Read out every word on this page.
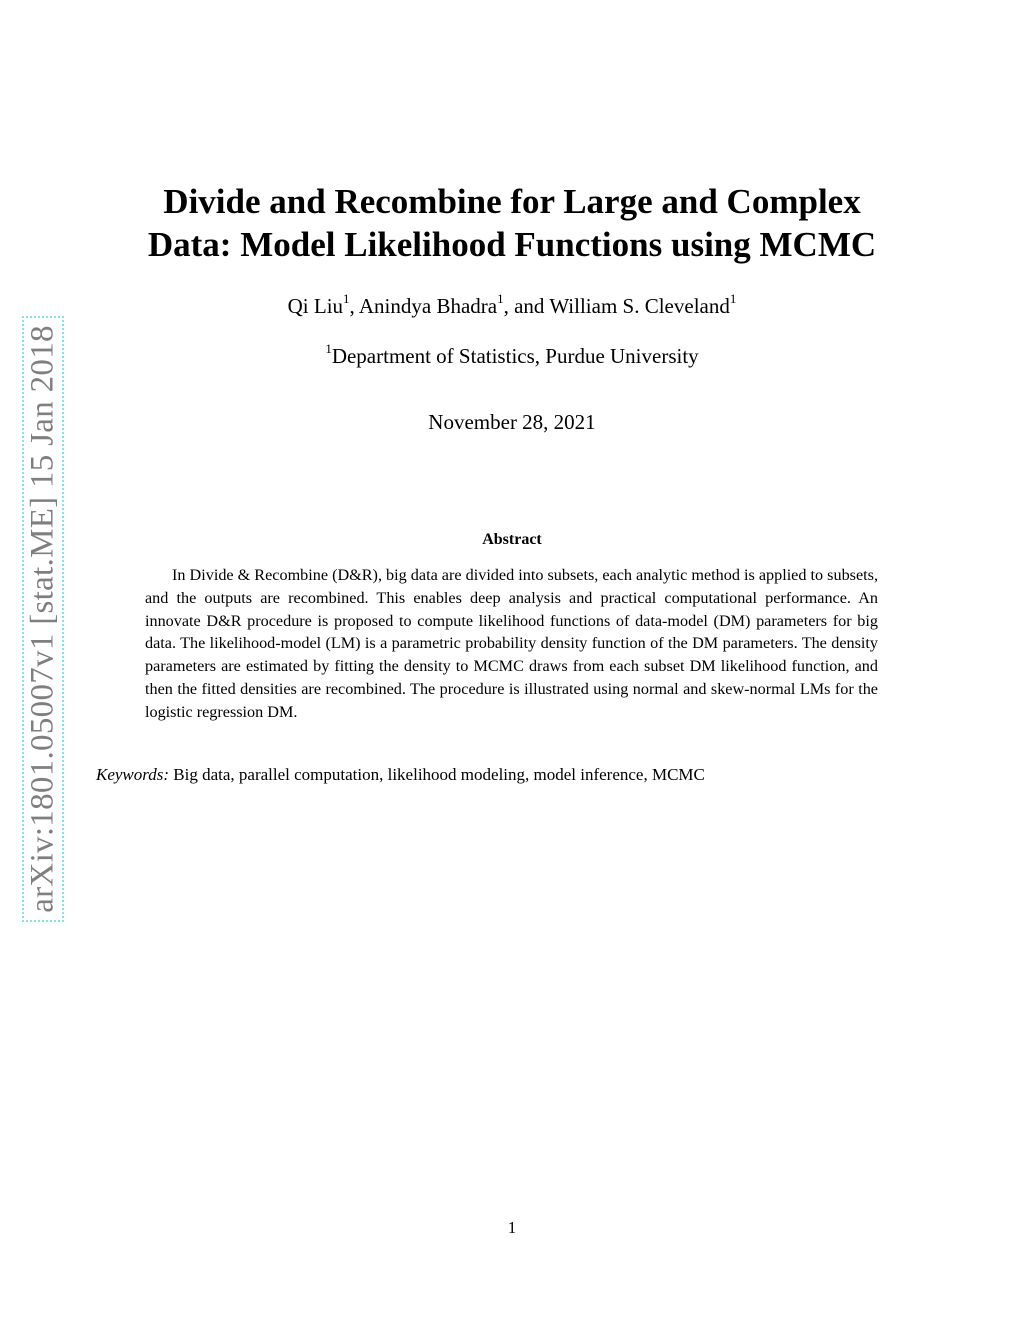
arXiv:1801.05007v1 [stat.ME] 15 Jan 2018
Divide and Recombine for Large and Complex
Data: Model Likelihood Functions using MCMC
Qi Liu$^1$, Anindya Bhadra$^1$, and William S. Cleveland$^1$
$^1$Department of Statistics, Purdue University
November 28, 2021
Abstract

In Divide & Recombine (D&R), big data are divided into subsets, each analytic method is applied to subsets, and the outputs are recombined. This enables deep analysis and practical computational performance. An innovate D&R procedure is proposed to compute likelihood functions of data-model (DM) parameters for big data. The likelihood-model (LM) is a parametric probability density function of the DM parameters. The density parameters are estimated by fitting the density to MCMC draws from each subset DM likelihood function, and then the fitted densities are recombined. The procedure is illustrated using normal and skew-normal LMs for the logistic regression DM.

Keywords: Big data, parallel computation, likelihood modeling, model inference, MCMC
1
